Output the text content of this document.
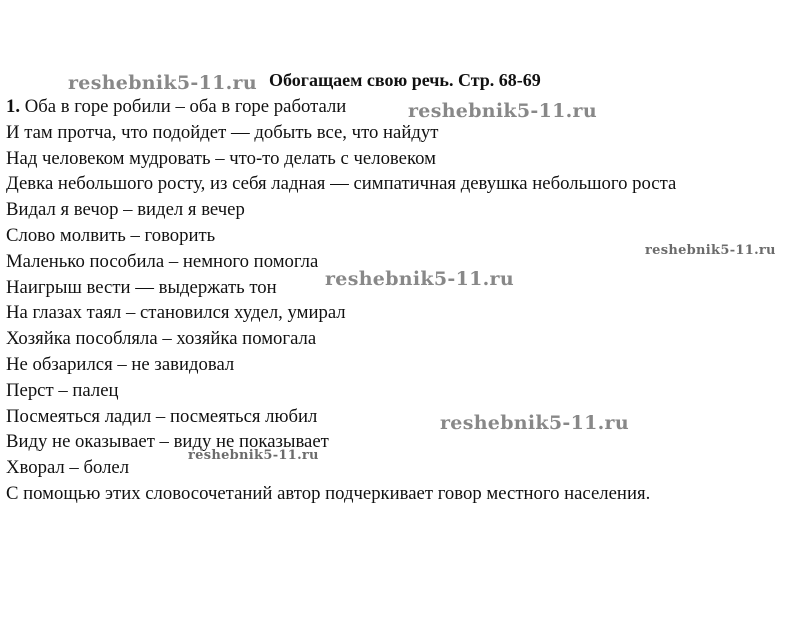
Обогащаем свою речь. Стр. 68-69
1. Оба в горе робили – оба в горе работали
И там протча, что подойдет — добыть все, что найдут
Над человеком мудровать – что-то делать с человеком
Девка небольшого росту, из себя ладная — симпатичная девушка небольшого роста
Видал я вечор – видел я вечер
Слово молвить – говорить
Маленько пособила – немного помогла
Наигрыш вести — выдержать тон
На глазах таял – становился худел, умирал
Хозяйка пособляла – хозяйка помогала
Не обзарился – не завидовал
Перст – палец
Посмеяться ладил – посмеяться любил
Виду не оказывает – виду не показывает
Хворал – болел
С помощью этих словосочетаний автор подчеркивает говор местного населения.
reshebnik5-11.ru
reshebnik5-11.ru
reshebnik5-11.ru
reshebnik5-11.ru
reshebnik5-11.ru
reshebnik5-11.ru
